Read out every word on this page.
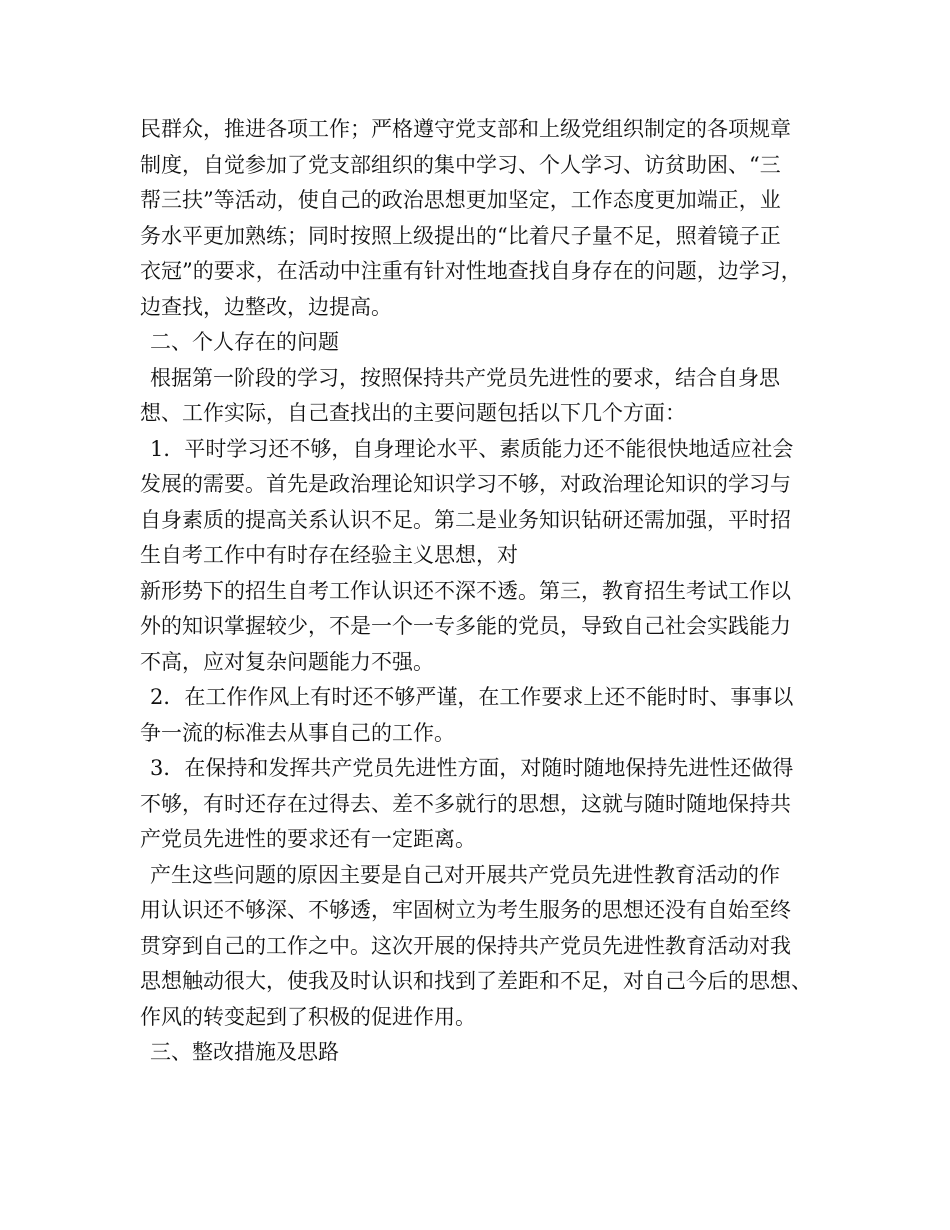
民群众，推进各项工作；严格遵守党支部和上级党组织制定的各项规章
制度，自觉参加了党支部组织的集中学习、个人学习、访贫助困、“三
帮三扶”等活动，使自己的政治思想更加坚定，工作态度更加端正，业
务水平更加熟练；同时按照上级提出的“比着尺子量不足，照着镜子正
衣冠”的要求，在活动中注重有针对性地查找自身存在的问题，边学习，
边查找，边整改，边提高。
二、个人存在的问题
根据第一阶段的学习，按照保持共产党员先进性的要求，结合自身思
想、工作实际，自己查找出的主要问题包括以下几个方面：
1．平时学习还不够，自身理论水平、素质能力还不能很快地适应社会
发展的需要。首先是政治理论知识学习不够，对政治理论知识的学习与
自身素质的提高关系认识不足。第二是业务知识钻研还需加强，平时招
生自考工作中有时存在经验主义思想，对
新形势下的招生自考工作认识还不深不透。第三，教育招生考试工作以
外的知识掌握较少，不是一个一专多能的党员，导致自己社会实践能力
不高，应对复杂问题能力不强。
2．在工作作风上有时还不够严谨，在工作要求上还不能时时、事事以
争一流的标准去从事自己的工作。
3．在保持和发挥共产党员先进性方面，对随时随地保持先进性还做得
不够，有时还存在过得去、差不多就行的思想，这就与随时随地保持共
产党员先进性的要求还有一定距离。
产生这些问题的原因主要是自己对开展共产党员先进性教育活动的作
用认识还不够深、不够透，牢固树立为考生服务的思想还没有自始至终
贯穿到自己的工作之中。这次开展的保持共产党员先进性教育活动对我
思想触动很大，使我及时认识和找到了差距和不足，对自己今后的思想、
作风的转变起到了积极的促进作用。
三、整改措施及思路
